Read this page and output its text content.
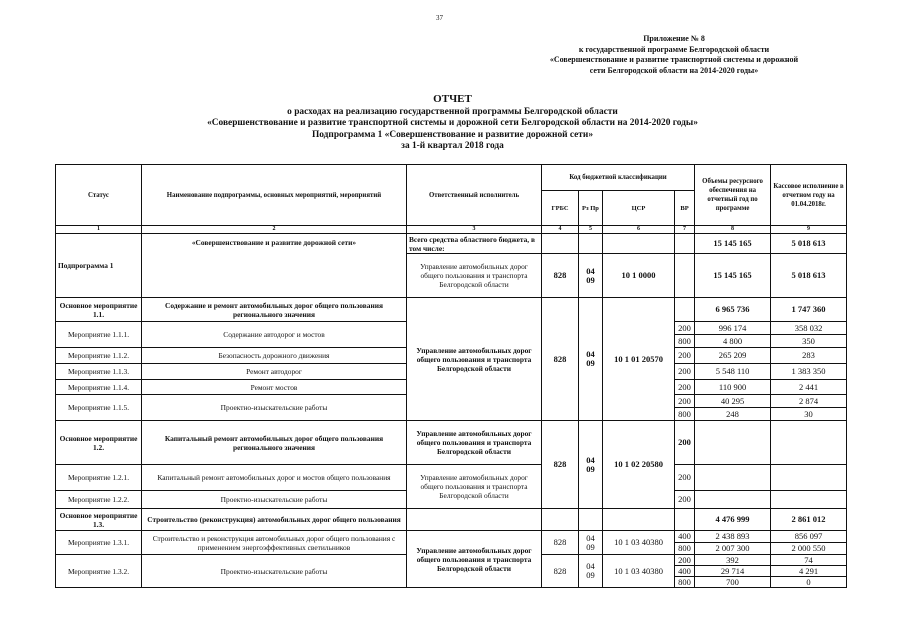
37
Приложение № 8
к государственной программе Белгородской области
«Совершенствование и развитие транспортной системы и дорожной
сети Белгородской области на 2014-2020 годы»
ОТЧЕТ
о расходах на реализацию государственной программы Белгородской области
«Совершенствование и развитие транспортной системы и дорожной сети Белгородской области на 2014-2020 годы»
Подпрограмма 1 «Совершенствование и развитие дорожной сети»
за 1-й квартал 2018 года
Статус	Наименование подпрограммы, основных мероприятий, мероприятий	Ответственный исполнитель	Код бюджетной классификации				Объемы ресурсного обеспечения на отчетный год по программе	Кассовое исполнение в отчетном году на 01.04.2018г.
			ГРБС	Рз Пр	ЦСР	ВР		
1	2	3	4	5	6	7	8	9
Подпрограмма 1	«Совершенствование и развитие дорожной сети»	Всего средства областного бюджета, в том числе:					15 145 165	5 018 613
		Управление автомобильных дорог общего пользования и транспорта Белгородской области	828	04 09	10 1 0000		15 145 165	5 018 613
Основное мероприятие 1.1.	Содержание и ремонт автомобильных дорог общего пользования регионального значения	Управление автомобильных дорог общего пользования и транспорта Белгородской области	828	04 09	10 1 01 20570		6 965 736	1 747 360
Мероприятие 1.1.1.	Содержание автодорог и мостов					200	996 174	358 032
						800	4 800	350
Мероприятие 1.1.2.	Безопасность дорожного движения					200	265 209	283
Мероприятие 1.1.3.	Ремонт автодорог					200	5 548 110	1 383 350
Мероприятие 1.1.4.	Ремонт мостов					200	110 900	2 441
Мероприятие 1.1.5.	Проектно-изыскательские работы					200	40 295	2 874
						800	248	30
Основное мероприятие 1.2.	Капитальный ремонт автомобильных дорог общего пользования регионального значения	Управление автомобильных дорог общего пользования и транспорта Белгородской области	828	04 09	10 1 02 20580	200		
Мероприятие 1.2.1.	Капитальный ремонт автомобильных дорог и мостов общего пользования	Управление автомобильных дорог общего пользования и транспорта Белгородской области				200		
Мероприятие 1.2.2.	Проектно-изыскательские работы					200		
Основное мероприятие 1.3.	Строительство (реконструкция) автомобильных дорог общего пользования						4 476 999	2 861 012
Мероприятие 1.3.1.	Строительство и реконструкция автомобильных дорог общего пользования с применением энергоэффективных светильников	Управление автомобильных дорог общего пользования и транспорта Белгородской области	828	04 09	10 1 03 40380	400	2 438 893	856 097
						800	2 007 300	2 000 550
Мероприятие 1.3.2.	Проектно-изыскательские работы		828	04 09	10 1 03 40380	200	392	74
						400	29 714	4 291
						800	700	0
